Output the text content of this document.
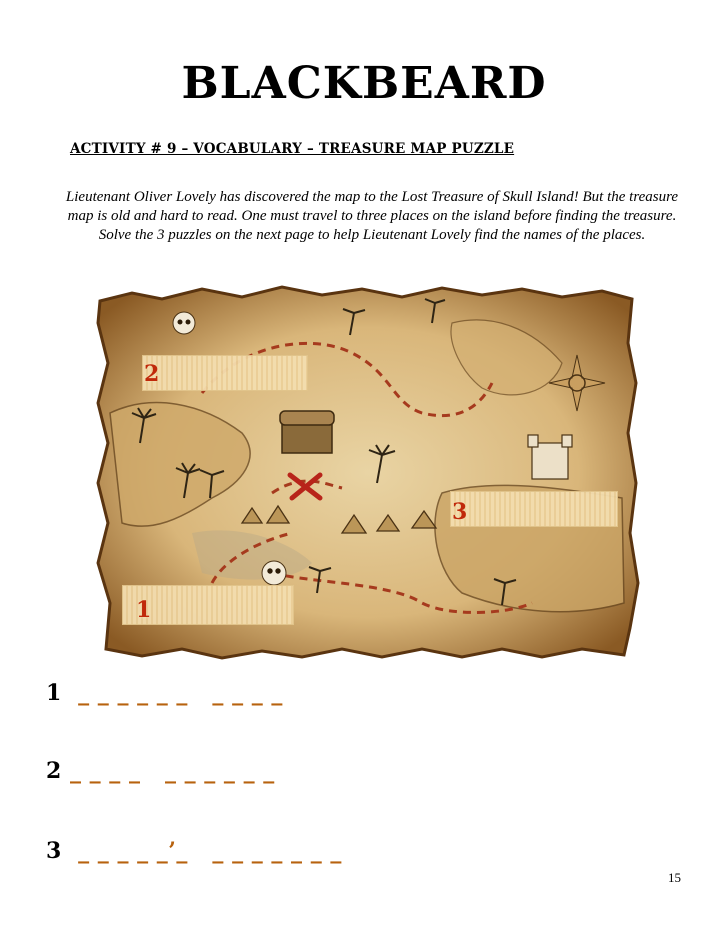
BLACKBEARD
ACTIVITY # 9 – VOCABULARY – TREASURE MAP PUZZLE
Lieutenant Oliver Lovely has discovered the map to the Lost Treasure of Skull Island! But the treasure map is old and hard to read. One must travel to three places on the island before finding the treasure. Solve the 3 puzzles on the next page to help Lieutenant Lovely find the names of the places.
2
3
1
1 _ _ _ _ _ _   _ _ _ _
2 _ _ _ _   _ _ _ _ _ _
3 _ _ _ _ _’_   _ _ _ _ _ _ _
15
